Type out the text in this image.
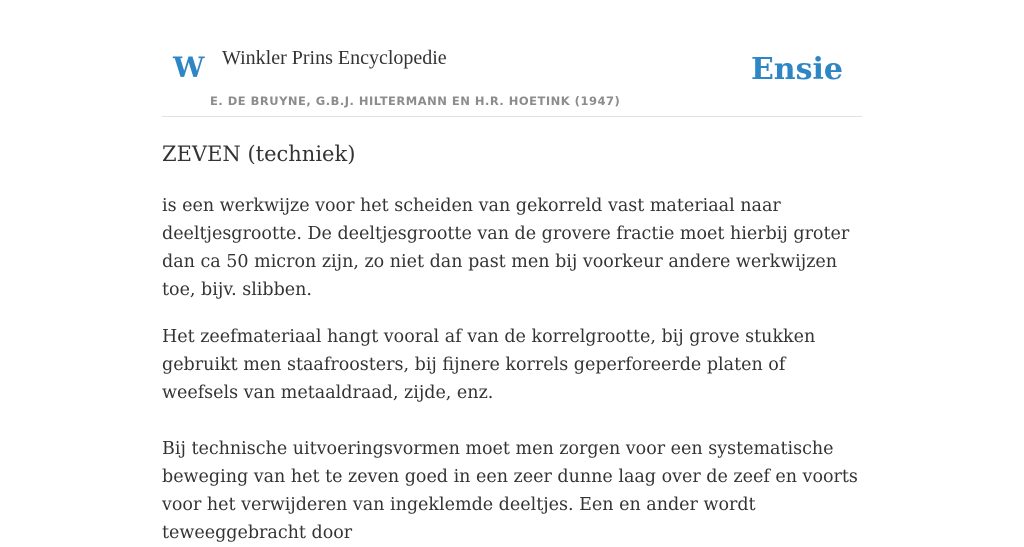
W Winkler Prins Encyclopedie
E. DE BRUYNE, G.B.J. HILTERMANN EN H.R. HOETINK (1947)
Ensie
ZEVEN (techniek)

is een werkwijze voor het scheiden van gekorreld vast materiaal naar deeltjesgrootte. De deeltjesgrootte van de grovere fractie moet hierbij groter dan ca 50 micron zijn, zo niet dan past men bij voorkeur andere werkwijzen toe, bijv. slibben.

Het zeefmateriaal hangt vooral af van de korrelgrootte, bij grove stukken gebruikt men staafroosters, bij fijnere korrels geperforeerde platen of weefsels van metaaldraad, zijde, enz.

Bij technische uitvoeringsvormen moet men zorgen voor een systematische beweging van het te zeven goed in een zeer dunne laag over de zeef en voorts voor het verwijderen van ingeklemde deeltjes. Een en ander wordt teweeggebracht door
